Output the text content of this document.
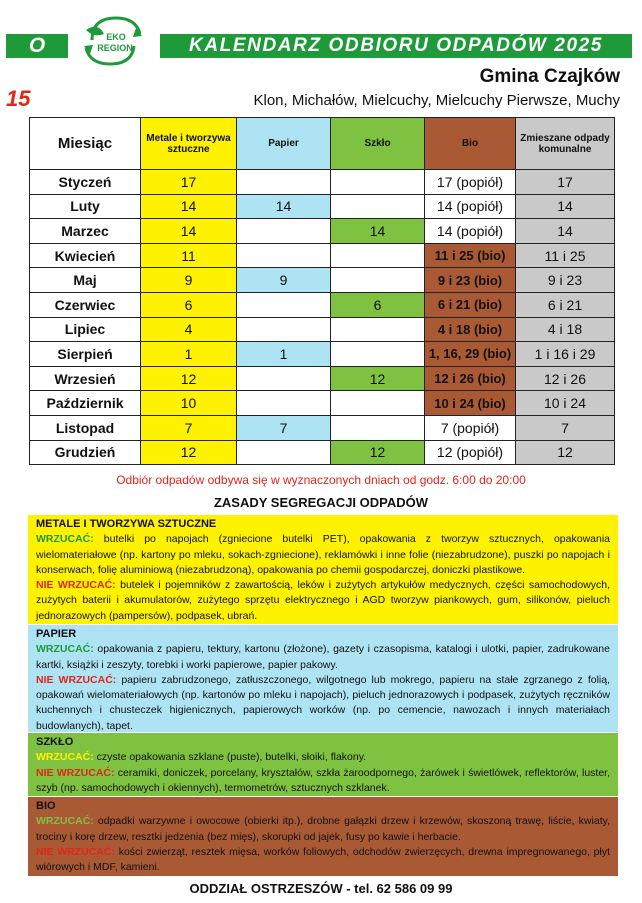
O	EKO
REGION	KALENDARZ ODBIORU ODPADÓW 2025
15
Gmina Czajków
Klon, Michałów, Mielcuchy, Mielcuchy Pierwsze, Muchy
Miesiąc	Metale i tworzywa sztuczne	Papier	Szkło	Bio	Zmieszane odpady komunalne
Styczeń	17			17 (popiół)	17
Luty	14	14		14 (popiół)	14
Marzec	14		14	14 (popiół)	14
Kwiecień	11			11 i 25 (bio)	11 i 25
Maj	9	9		9 i 23 (bio)	9 i 23
Czerwiec	6		6	6 i 21 (bio)	6 i 21
Lipiec	4			4 i 18 (bio)	4 i 18
Sierpień	1	1		1, 16, 29 (bio)	1 i 16 i 29
Wrzesień	12		12	12 i 26 (bio)	12 i 26
Październik	10			10 i 24 (bio)	10 i 24
Listopad	7	7		7 (popiół)	7
Grudzień	12		12	12 (popiół)	12
Odbiór odpadów odbywa się w wyznaczonych dniach od godz. 6:00 do 20:00
ZASADY SEGREGACJI ODPADÓW
METALE I TWORZYWA SZTUCZNE
WRZUCAĆ: butelki po napojach (zgniecione butelki PET), opakowania z tworzyw sztucznych, opakowania wielomateriałowe (np. kartony po mleku, sokach-zgniecione), reklamówki i inne folie (niezabrudzone), puszki po napojach i konserwach, folię aluminiową (niezabrudzoną), opakowania po chemii gospodarczej, doniczki plastikowe.
NIE WRZUCAĆ: butelek i pojemników z zawartością, leków i zużytych artykułów medycznych, części samochodowych, zużytych baterii i akumulatorów, zużytego sprzętu elektrycznego i AGD tworzyw piankowych, gum, silikonów, pieluch jednorazowych (pampersów), podpasek, ubrań.
PAPIER
WRZUCAĆ: opakowania z papieru, tektury, kartonu (złożone), gazety i czasopisma, katalogi i ulotki, papier, zadrukowane kartki, książki i zeszyty, torebki i worki papierowe, papier pakowy.
NIE WRZUCAĆ: papieru zabrudzonego, zatłuszczonego, wilgotnego lub mokrego, papieru na stałe zgrzanego z folią, opakowań wielomateriałowych (np. kartonów po mleku i napojach), pieluch jednorazowych i podpasek, zużytych ręczników kuchennych i chusteczek higienicznych, papierowych worków (np. po cemencie, nawozach i innych materiałach budowlanych), tapet.
SZKŁO
WRZUCAĆ: czyste opakowania szklane (puste), butelki, słoiki, flakony.
NIE WRZUCAĆ: ceramiki, doniczek, porcelany, kryształów, szkła żaroodpornego, żarówek i świetlówek, reflektorów, luster, szyb (np. samochodowych i okiennych), termometrów, sztucznych szklanek.
BIO
WRZUCAĆ: odpadki warzywne i owocowe (obierki itp.), drobne gałązki drzew i krzewów, skoszoną trawę, liście, kwiaty, trociny i korę drzew, resztki jedzenia (bez mięs), skorupki od jajek, fusy po kawie i herbacie.
NIE WRZUCAĆ: kości zwierząt, resztek mięsa, worków foliowych, odchodów zwierzęcych, drewna impregnowanego, płyt wiórowych i MDF, kamieni.
ODDZIAŁ OSTRZESZÓW - tel. 62 586 09 99
